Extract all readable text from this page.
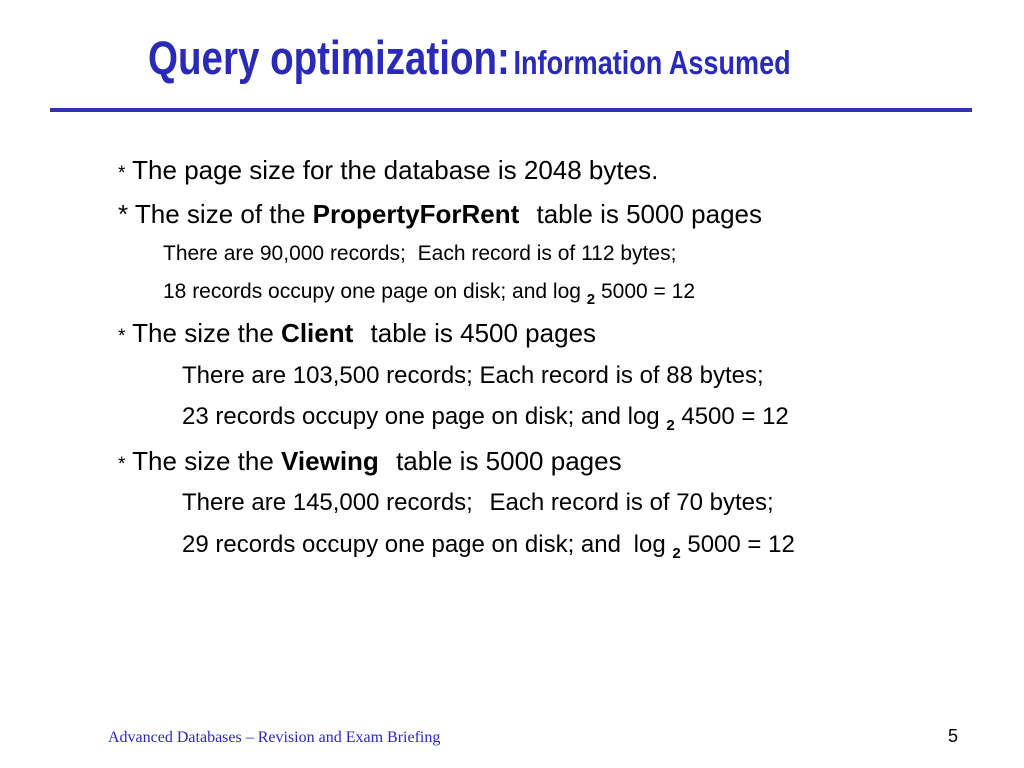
Query optimization: Information Assumed
* The page size for the database is 2048 bytes.
* The size of the PropertyForRent table is 5000 pages
There are 90,000 records; Each record is of 112 bytes;
18 records occupy one page on disk; and log $_2$ 5000 = 12
* The size the Client table is 4500 pages
There are 103,500 records; Each record is of 88 bytes;
23 records occupy one page on disk; and log $_2$ 4500 = 12
* The size the Viewing table is 5000 pages
There are 145,000 records; Each record is of 70 bytes;
29 records occupy one page on disk; and log $_2$ 5000 = 12
Advanced Databases – Revision and Exam Briefing	5
